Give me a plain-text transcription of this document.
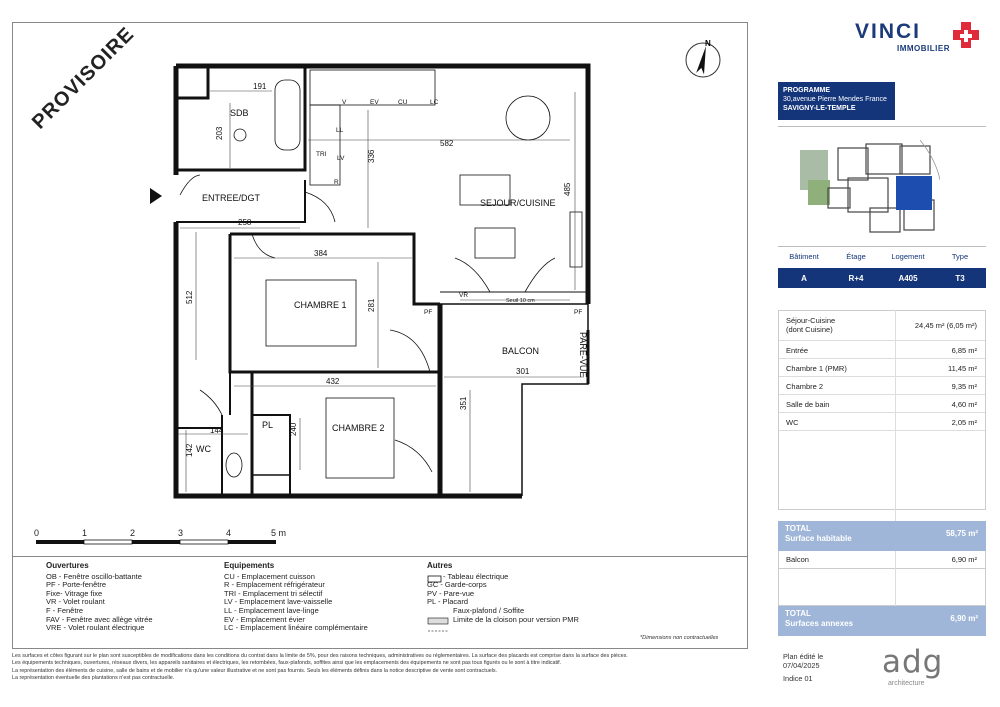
PROVISOIRE	N
VINCI
IMMOBILIER
PROGRAMME
30,avenue Pierre Mendes France
SAVIGNY-LE-TEMPLE
Bâtiment	Étage	Logement	Type
A	R+4	A405	T3
Séjour-Cuisine
(dont Cuisine)	24,45 m² (6,05 m²)
Entrée	6,85 m²
Chambre 1 (PMR)	11,45 m²
Chambre 2	9,35 m²
Salle de bain	4,60 m²
WC	2,05 m²
TOTAL
Surface habitable
58,75 m²
Balcon	6,90 m²
TOTAL
Surfaces annexes
6,90 m²
SDB
ENTREE/DGT	SEJOUR/CUISINE
CHAMBRE 1
CHAMBRE 2
BALCON
WC
PL
PARE-VUE
V	EV	CU	LC
LL
TRI
LV
R
VR
PF
PF
Seuil 10 cm
191
203
336
582
485
258
384
512
281
432
301
351
144
142
240
0	1	2	3	4	5 m
Ouvertures
OB - Fenêtre oscillo-battante
PF - Porte-fenêtre
Fixe- Vitrage fixe
VR - Volet roulant
F - Fenêtre
FAV - Fenêtre avec allège vitrée
VRE - Volet roulant électrique
Equipements
CU - Emplacement cuisson
R - Emplacement réfrigérateur
TRI - Emplacement tri sélectif
LV - Emplacement lave-vaisselle
LL - Emplacement lave-linge
EV - Emplacement évier
LC - Emplacement linéaire complémentaire
Autres
- Tableau électrique
GC - Garde-corps
PV - Pare-vue
PL - Placard
Faux-plafond / Soffite
Limite de la cloison pour version PMR
*Dimensions non contractuelles
Les surfaces et côtes figurant sur le plan sont susceptibles de modifications dans les conditions du contrat dans la limite de 5%, pour des raisons techniques, administratives ou réglementaires. La surface des placards est comprise dans la surface des pièces.
Les équipements techniques, ouvertures, réseaux divers, les appareils sanitaires et électriques, les retombées, faux-plafonds, soffites ainsi que les emplacements des équipements ne sont pas tous figurés ou le sont à titre indicatif.
La représentation des éléments de cuisine, salle de bains et de mobilier n'a qu'une valeur illustrative et ne sont pas fournis. Seuls les éléments définis dans la notice descriptive de vente sont contractuels.
La représentation éventuelle des plantations n'est pas contractuelle.
Plan édité le
07/04/2025
Indice 01	adg
architecture
